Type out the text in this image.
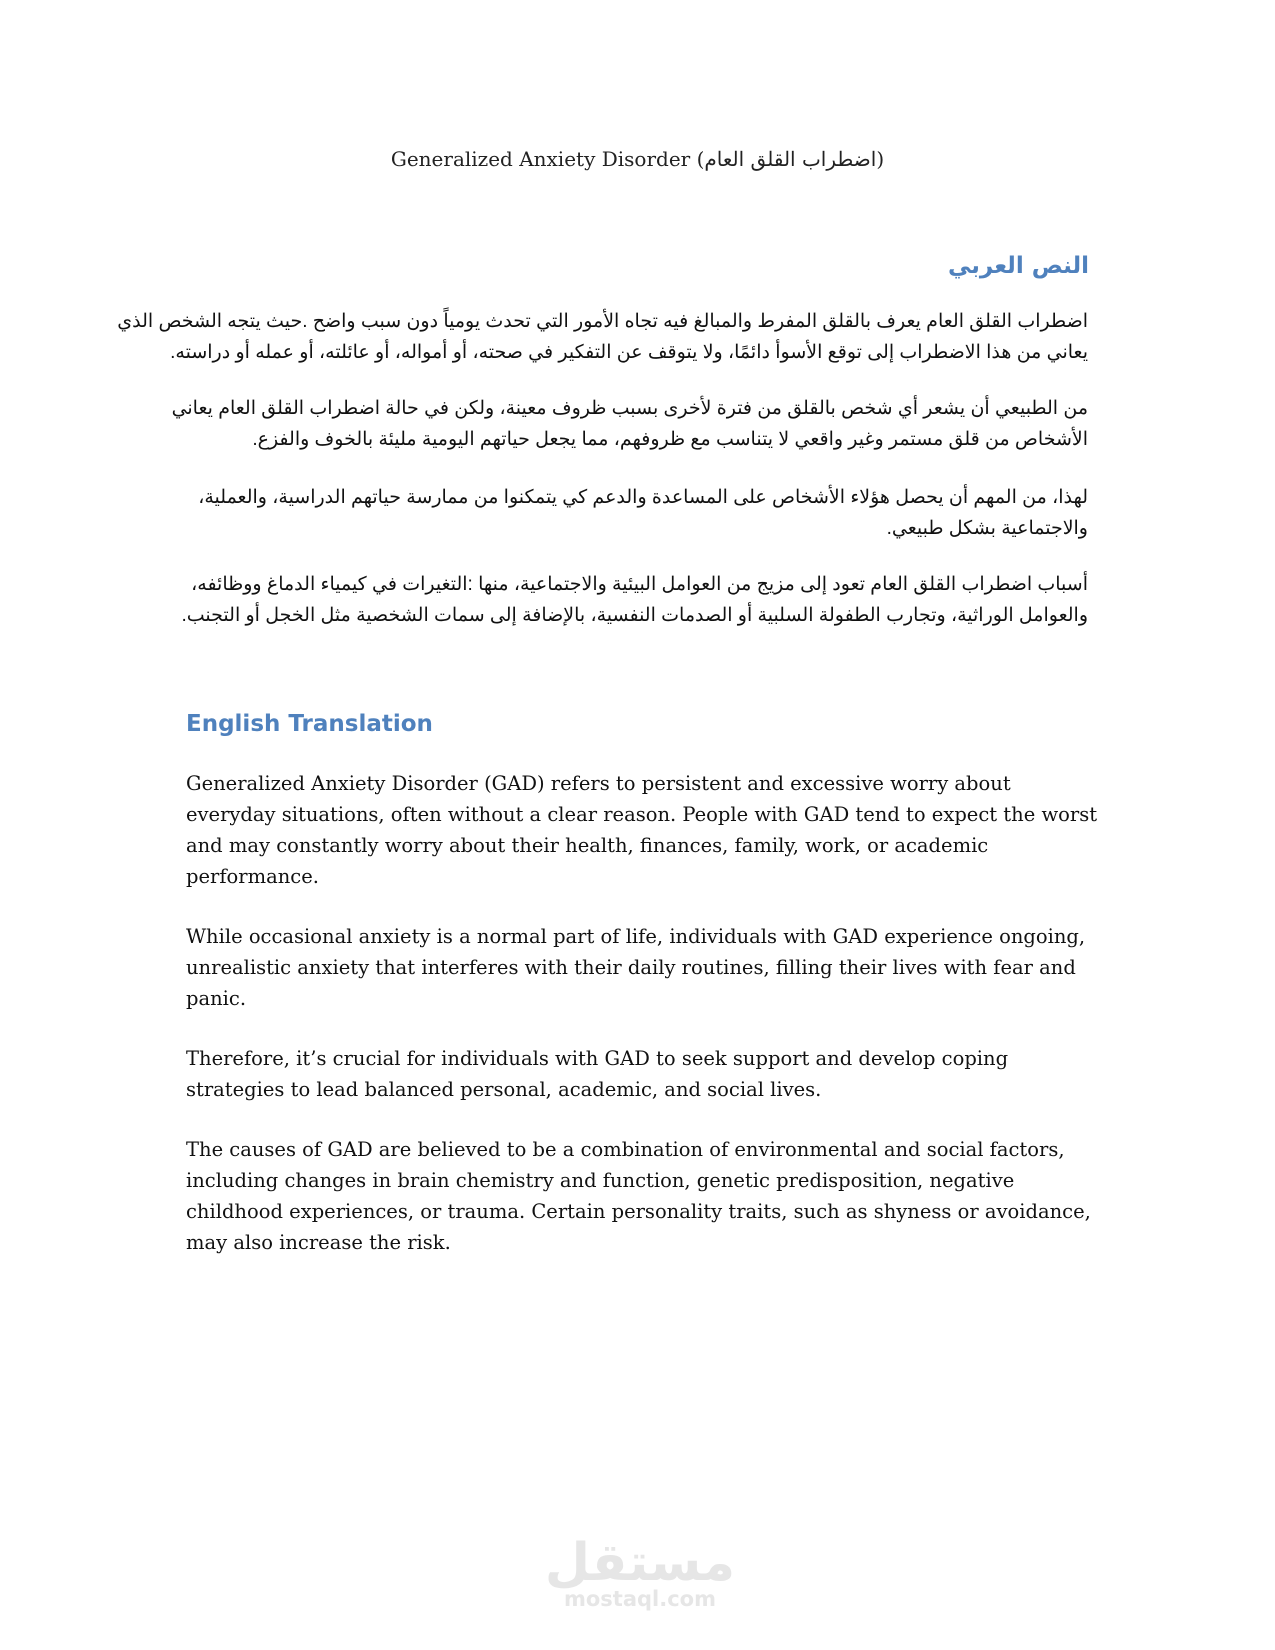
Generalized Anxiety Disorder (اضطراب القلق العام)
النص العربي
اضطراب القلق العام يعرف بالقلق المفرط والمبالغ فيه تجاه الأمور التي تحدث يومياً دون سبب واضح .حيث يتجه الشخص الذي
يعاني من هذا الاضطراب إلى توقع الأسوأ دائمًا، ولا يتوقف عن التفكير في صحته، أو أمواله، أو عائلته، أو عمله أو دراسته.
من الطبيعي أن يشعر أي شخص بالقلق من فترة لأخرى بسبب ظروف معينة، ولكن في حالة اضطراب القلق العام يعاني
الأشخاص من قلق مستمر وغير واقعي لا يتناسب مع ظروفهم، مما يجعل حياتهم اليومية مليئة بالخوف والفزع.
لهذا، من المهم أن يحصل هؤلاء الأشخاص على المساعدة والدعم كي يتمكنوا من ممارسة حياتهم الدراسية، والعملية،
والاجتماعية بشكل طبيعي.
أسباب اضطراب القلق العام تعود إلى مزيج من العوامل البيئية والاجتماعية، منها :التغيرات في كيمياء الدماغ ووظائفه،
والعوامل الوراثية، وتجارب الطفولة السلبية أو الصدمات النفسية، بالإضافة إلى سمات الشخصية مثل الخجل أو التجنب.
English Translation
Generalized Anxiety Disorder (GAD) refers to persistent and excessive worry about
everyday situations, often without a clear reason. People with GAD tend to expect the worst
and may constantly worry about their health, finances, family, work, or academic
performance.
While occasional anxiety is a normal part of life, individuals with GAD experience ongoing,
unrealistic anxiety that interferes with their daily routines, filling their lives with fear and
panic.
Therefore, it’s crucial for individuals with GAD to seek support and develop coping
strategies to lead balanced personal, academic, and social lives.
The causes of GAD are believed to be a combination of environmental and social factors,
including changes in brain chemistry and function, genetic predisposition, negative
childhood experiences, or trauma. Certain personality traits, such as shyness or avoidance,
may also increase the risk.
مستقل
mostaql.com
